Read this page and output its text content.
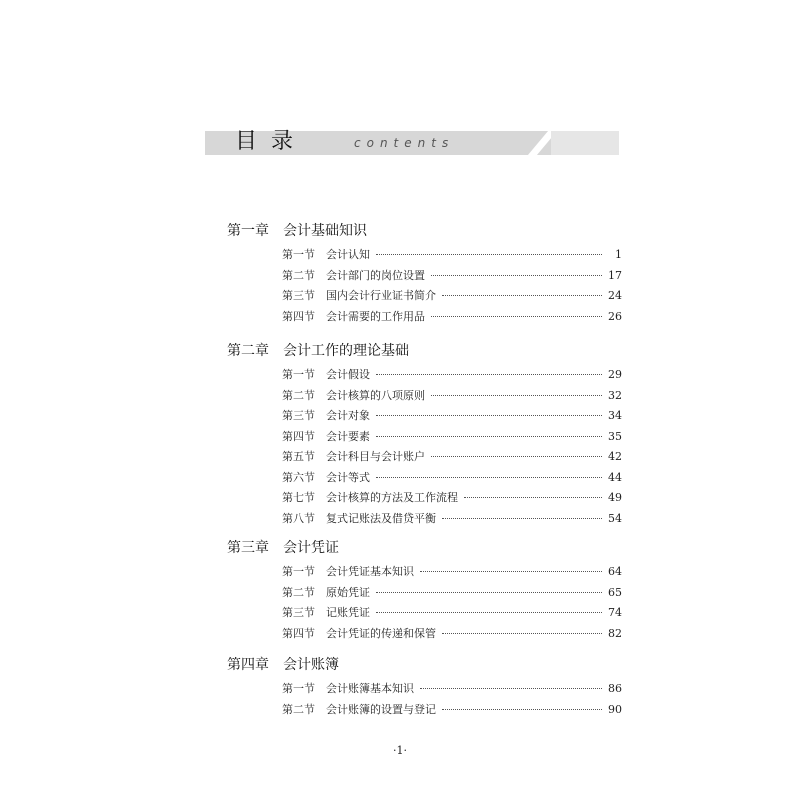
目录	contents
第一章 会计基础知识
第一节 会计认知	1
第二节 会计部门的岗位设置	17
第三节 国内会计行业证书简介	24
第四节 会计需要的工作用品	26
第二章 会计工作的理论基础
第一节 会计假设	29
第二节 会计核算的八项原则	32
第三节 会计对象	34
第四节 会计要素	35
第五节 会计科目与会计账户	42
第六节 会计等式	44
第七节 会计核算的方法及工作流程	49
第八节 复式记账法及借贷平衡	54
第三章 会计凭证
第一节 会计凭证基本知识	64
第二节 原始凭证	65
第三节 记账凭证	74
第四节 会计凭证的传递和保管	82
第四章 会计账簿
第一节 会计账簿基本知识	86
第二节 会计账簿的设置与登记	90
·1·
